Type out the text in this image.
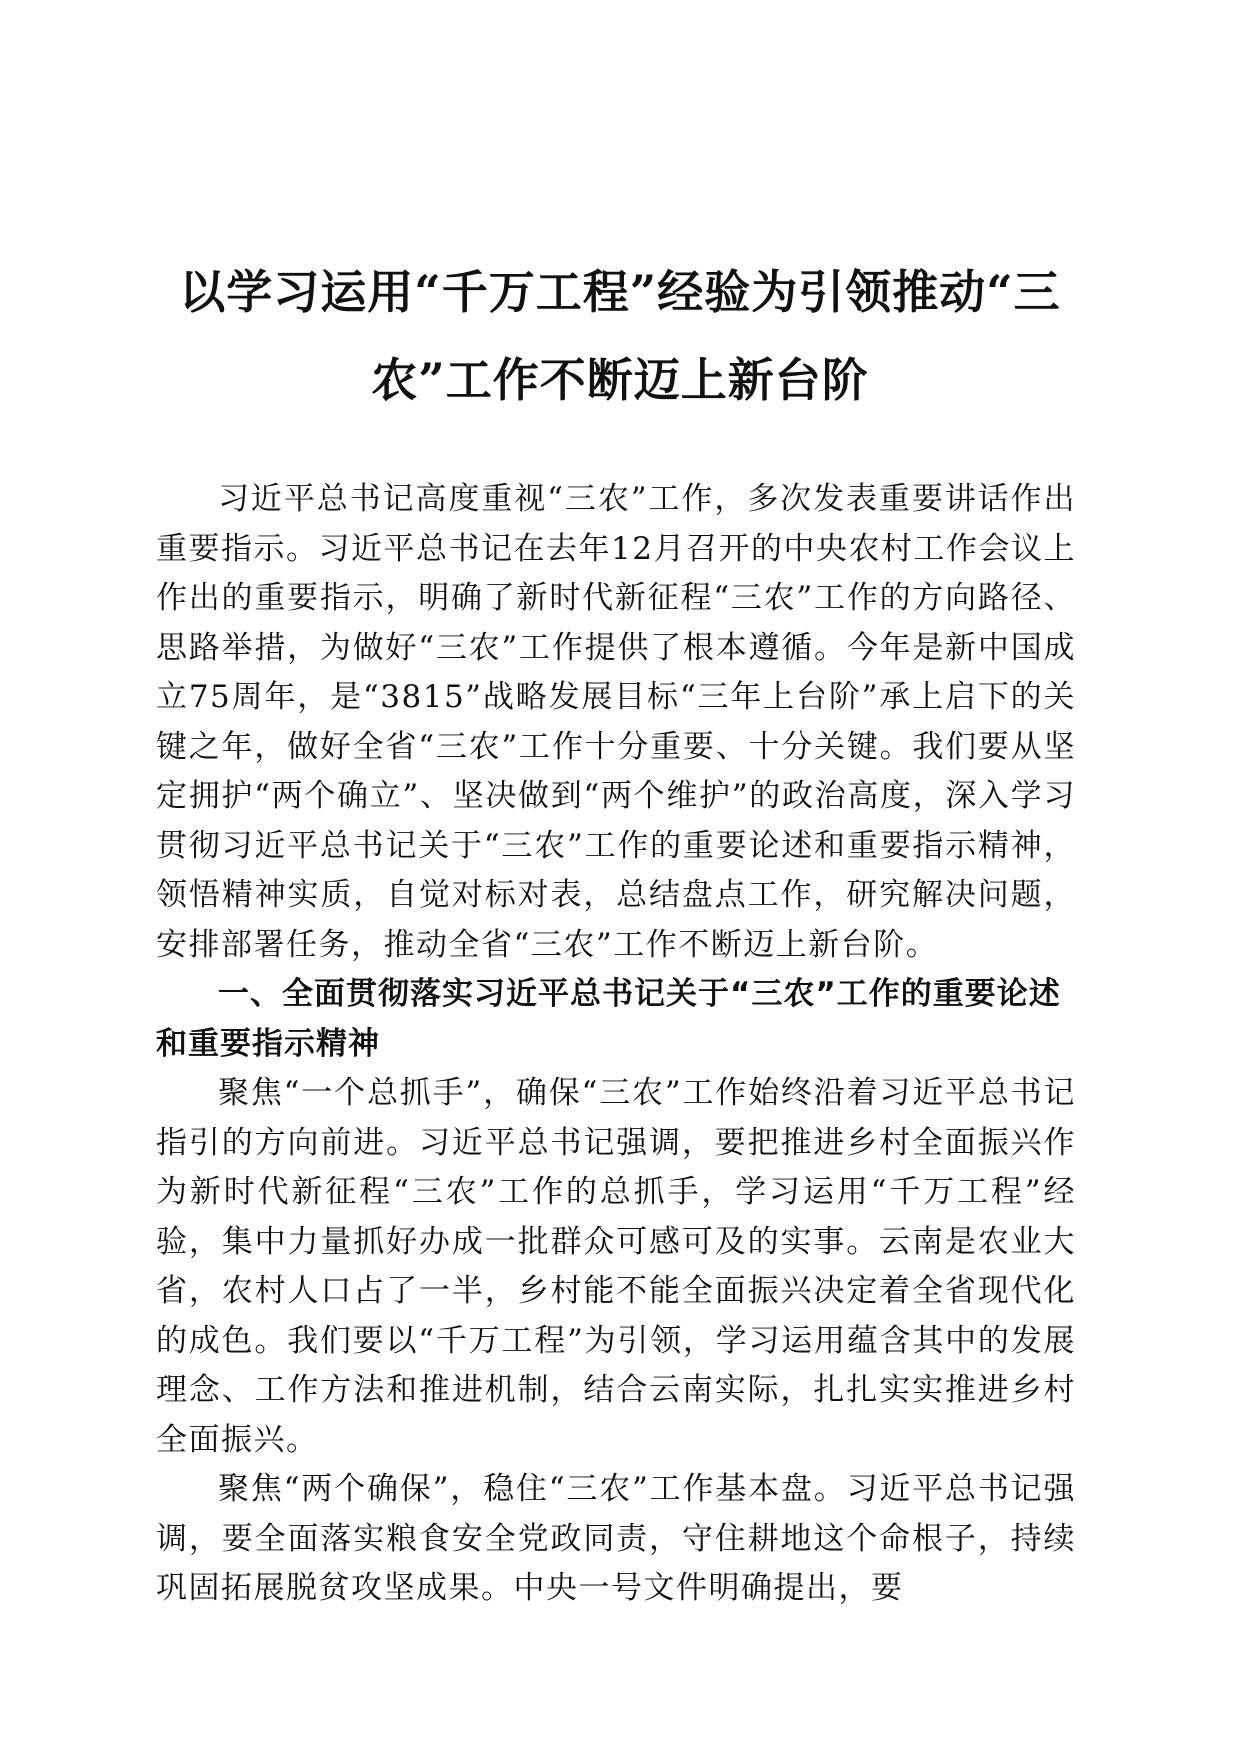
以学习运用“千万工程”经验为引领推动“三
农”工作不断迈上新台阶

习近平总书记高度重视“三农”工作，多次发表重要讲话作出重要指示。习近平总书记在去年12月召开的中央农村工作会议上作出的重要指示，明确了新时代新征程“三农”工作的方向路径、思路举措，为做好“三农”工作提供了根本遵循。今年是新中国成立75周年，是“3815”战略发展目标“三年上台阶”承上启下的关键之年，做好全省“三农”工作十分重要、十分关键。我们要从坚定拥护“两个确立”、坚决做到“两个维护”的政治高度，深入学习贯彻习近平总书记关于“三农”工作的重要论述和重要指示精神，领悟精神实质，自觉对标对表，总结盘点工作，研究解决问题，安排部署任务，推动全省“三农”工作不断迈上新台阶。

一、全面贯彻落实习近平总书记关于“三农”工作的重要论述和重要指示精神

聚焦“一个总抓手”，确保“三农”工作始终沿着习近平总书记指引的方向前进。习近平总书记强调，要把推进乡村全面振兴作为新时代新征程“三农”工作的总抓手，学习运用“千万工程”经验，集中力量抓好办成一批群众可感可及的实事。云南是农业大省，农村人口占了一半，乡村能不能全面振兴决定着全省现代化的成色。我们要以“千万工程”为引领，学习运用蕴含其中的发展理念、工作方法和推进机制，结合云南实际，扎扎实实推进乡村全面振兴。

聚焦“两个确保”，稳住“三农”工作基本盘。习近平总书记强调，要全面落实粮食安全党政同责，守住耕地这个命根子，持续巩固拓展脱贫攻坚成果。中央一号文件明确提出，要
